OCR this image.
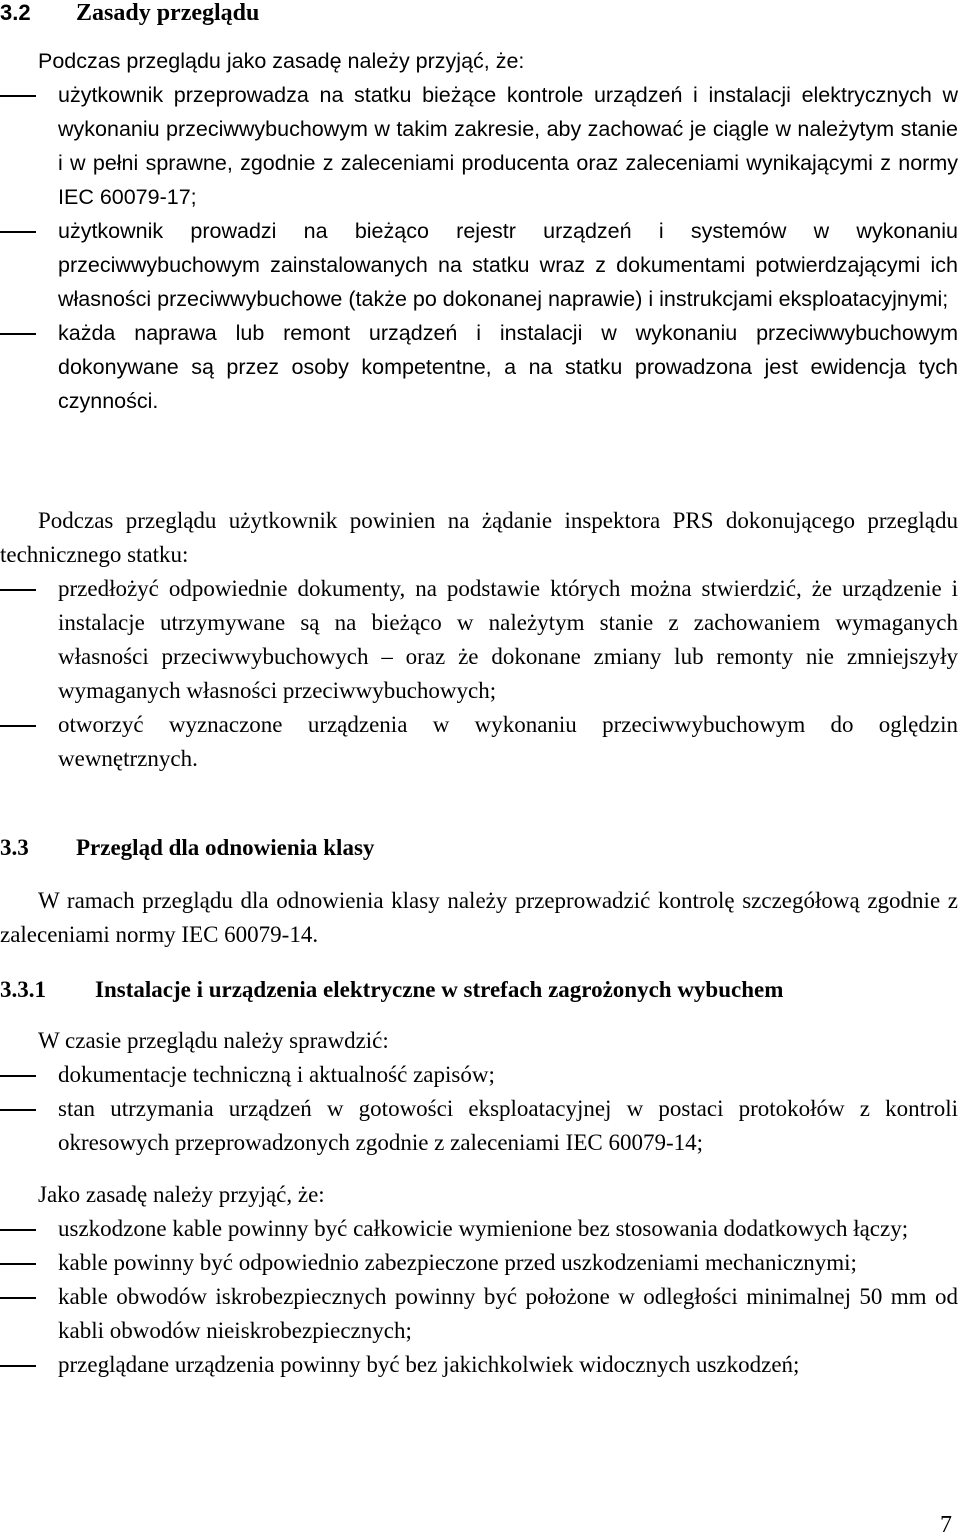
3.2 Zasady przeglądu
Podczas przeglądu jako zasadę należy przyjąć, że:
użytkownik przeprowadza na statku bieżące kontrole urządzeń i instalacji elektrycznych w wykonaniu przeciwwybuchowym w takim zakresie, aby zachować je ciągle w należytym stanie i w pełni sprawne, zgodnie z zaleceniami producenta oraz zaleceniami wynikającymi z normy IEC 60079-17;
użytkownik prowadzi na bieżąco rejestr urządzeń i systemów w wykonaniu przeciwwybuchowym zainstalowanych na statku wraz z dokumentami potwierdzającymi ich własności przeciwwybuchowe (także po dokonanej naprawie) i instrukcjami eksploatacyjnymi;
każda naprawa lub remont urządzeń i instalacji w wykonaniu przeciwwybuchowym dokonywane są przez osoby kompetentne, a na statku prowadzona jest ewidencja tych czynności.
Podczas przeglądu użytkownik powinien na żądanie inspektora PRS dokonującego przeglądu technicznego statku:
przedłożyć odpowiednie dokumenty, na podstawie których można stwierdzić, że urządzenie i instalacje utrzymywane są na bieżąco w należytym stanie z zachowaniem wymaganych własności przeciwwybuchowych – oraz że dokonane zmiany lub remonty nie zmniejszyły wymaganych własności przeciwwybuchowych;
otworzyć wyznaczone urządzenia w wykonaniu przeciwwybuchowym do oględzin wewnętrznych.
3.3 Przegląd dla odnowienia klasy
W ramach przeglądu dla odnowienia klasy należy przeprowadzić kontrolę szczegółową zgodnie z zaleceniami normy IEC 60079-14.
3.3.1 Instalacje i urządzenia elektryczne w strefach zagrożonych wybuchem
W czasie przeglądu należy sprawdzić:
dokumentacje techniczną i aktualność zapisów;
stan utrzymania urządzeń w gotowości eksploatacyjnej w postaci protokołów z kontroli okresowych przeprowadzonych zgodnie z zaleceniami IEC 60079-14;
Jako zasadę należy przyjąć, że:
uszkodzone kable powinny być całkowicie wymienione bez stosowania dodatkowych łączy;
kable powinny być odpowiednio zabezpieczone przed uszkodzeniami mechanicznymi;
kable obwodów iskrobezpiecznych powinny być położone w odległości minimalnej 50 mm od kabli obwodów nieiskrobezpiecznych;
przeglądane urządzenia powinny być bez jakichkolwiek widocznych uszkodzeń;
7
